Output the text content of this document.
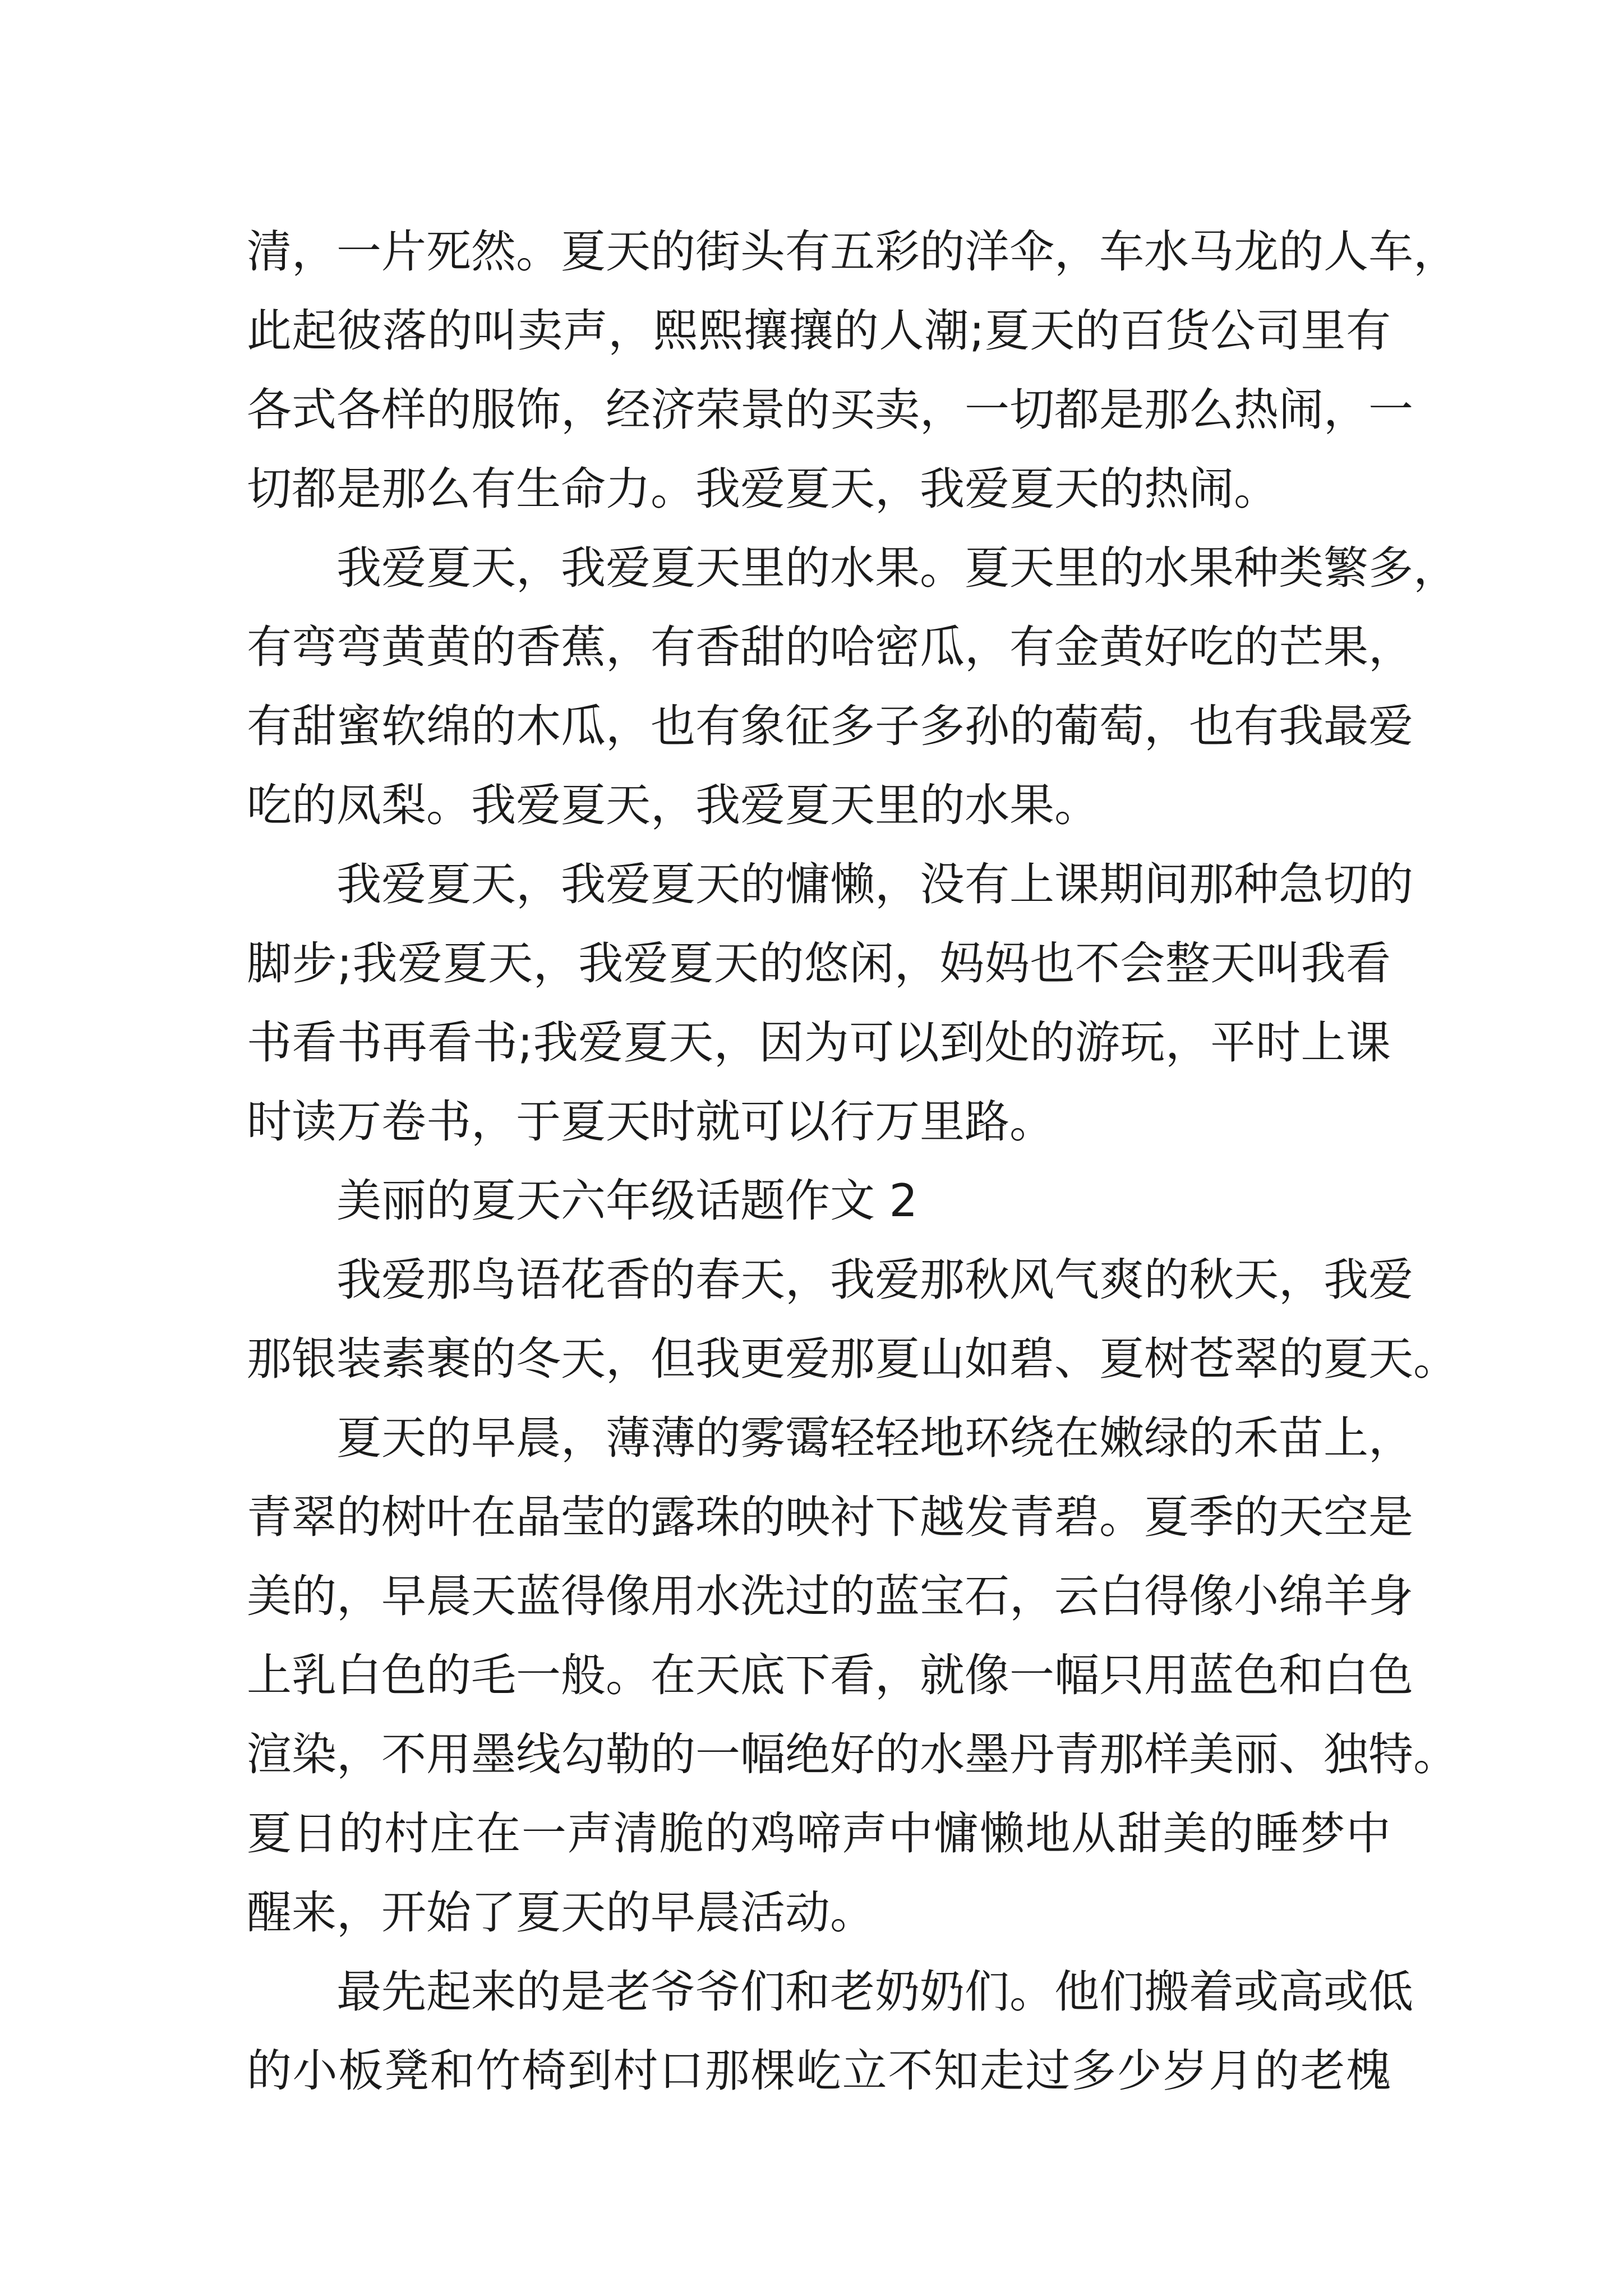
清，一片死然。夏天的街头有五彩的洋伞，车水马龙的人车，
此起彼落的叫卖声，熙熙攘攘的人潮;夏天的百货公司里有
各式各样的服饰，经济荣景的买卖，一切都是那么热闹，一
切都是那么有生命力。我爱夏天，我爱夏天的热闹。
我爱夏天，我爱夏天里的水果。夏天里的水果种类繁多，
有弯弯黄黄的香蕉，有香甜的哈密瓜，有金黄好吃的芒果，
有甜蜜软绵的木瓜，也有象征多子多孙的葡萄，也有我最爱
吃的凤梨。我爱夏天，我爱夏天里的水果。
我爱夏天，我爱夏天的慵懒，没有上课期间那种急切的
脚步;我爱夏天，我爱夏天的悠闲，妈妈也不会整天叫我看
书看书再看书;我爱夏天，因为可以到处的游玩，平时上课
时读万卷书，于夏天时就可以行万里路。
美丽的夏天六年级话题作文 2
我爱那鸟语花香的春天，我爱那秋风气爽的秋天，我爱
那银装素裹的冬天，但我更爱那夏山如碧、夏树苍翠的夏天。
夏天的早晨，薄薄的雾霭轻轻地环绕在嫩绿的禾苗上，
青翠的树叶在晶莹的露珠的映衬下越发青碧。夏季的天空是
美的，早晨天蓝得像用水洗过的蓝宝石，云白得像小绵羊身
上乳白色的毛一般。在天底下看，就像一幅只用蓝色和白色
渲染，不用墨线勾勒的一幅绝好的水墨丹青那样美丽、独特。
夏日的村庄在一声清脆的鸡啼声中慵懒地从甜美的睡梦中
醒来，开始了夏天的早晨活动。
最先起来的是老爷爷们和老奶奶们。他们搬着或高或低
的小板凳和竹椅到村口那棵屹立不知走过多少岁月的老槐
